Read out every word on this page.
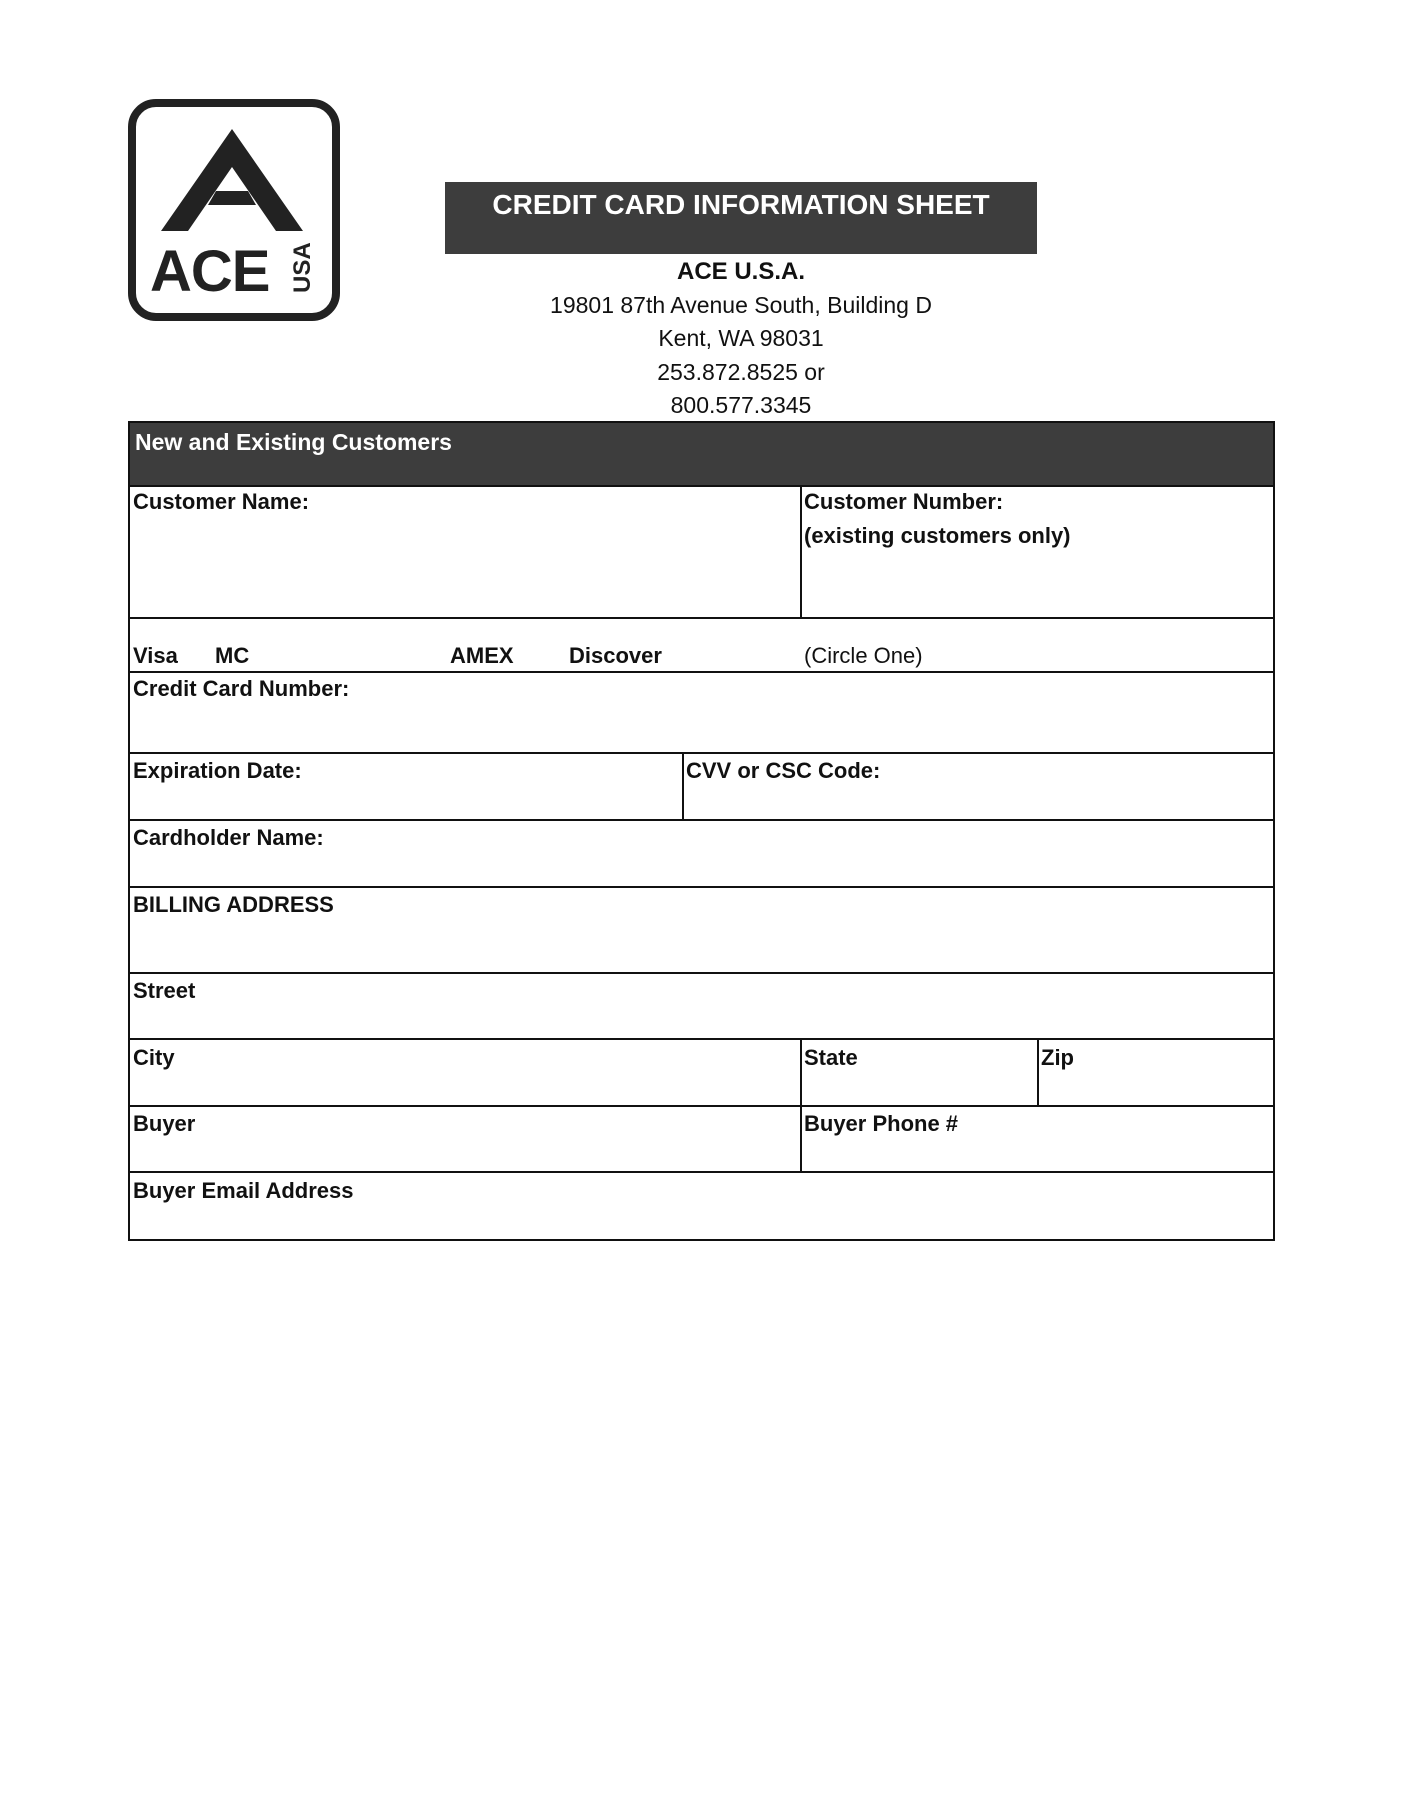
ACE USA
CREDIT CARD INFORMATION SHEET
ACE U.S.A.
19801 87th Avenue South, Building D
Kent, WA 98031
253.872.8525 or
800.577.3345
New and Existing Customers
Customer Name:	Customer Number:
(existing customers only)
Visa MC	AMEX	Discover	(Circle One)
Credit Card Number:
Expiration Date:	CVV or CSC Code:
Cardholder Name:
BILLING ADDRESS
Street
City	State	Zip
Buyer	Buyer Phone #
Buyer Email Address
